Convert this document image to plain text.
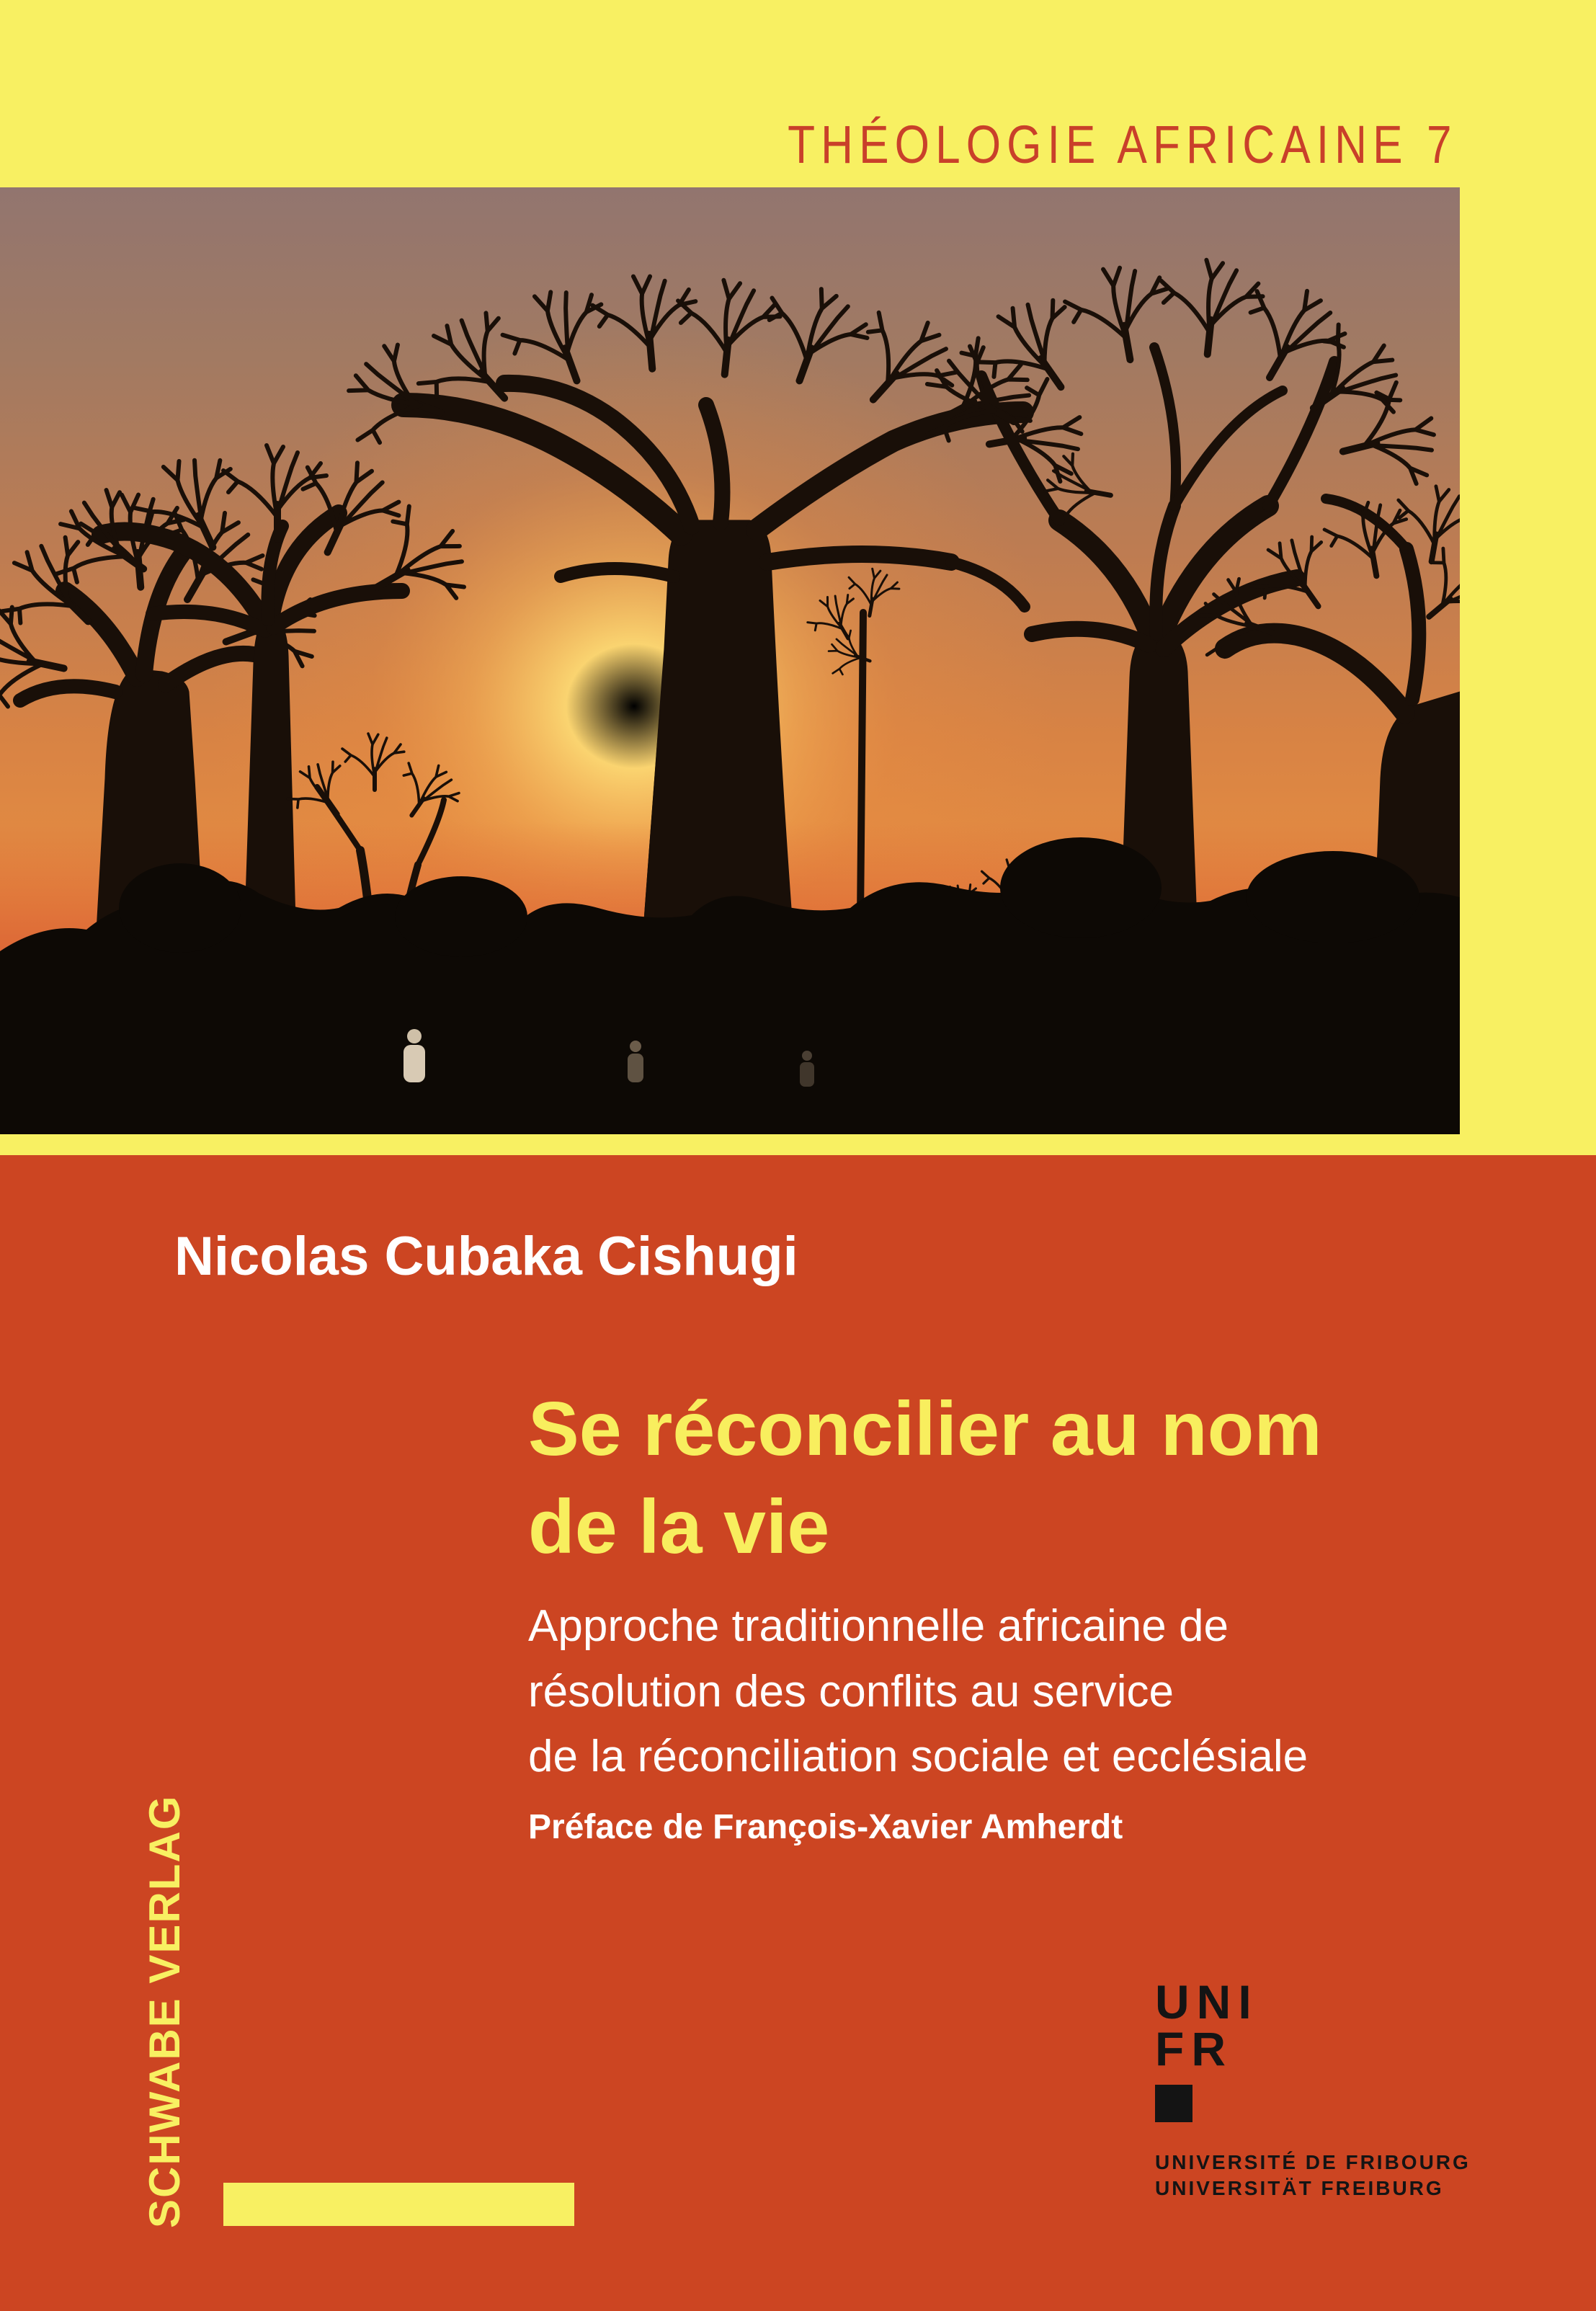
THÉOLOGIE AFRICAINE 7
Nicolas Cubaka Cishugi
Se réconcilier au nom
de la vie
Approche traditionnelle africaine de
résolution des conflits au service
de la réconciliation sociale et ecclésiale
Préface de François-Xavier Amherdt
SCHWABE VERLAG	UNI
FR
UNIVERSITÉ DE FRIBOURG
UNIVERSITÄT FREIBURG
